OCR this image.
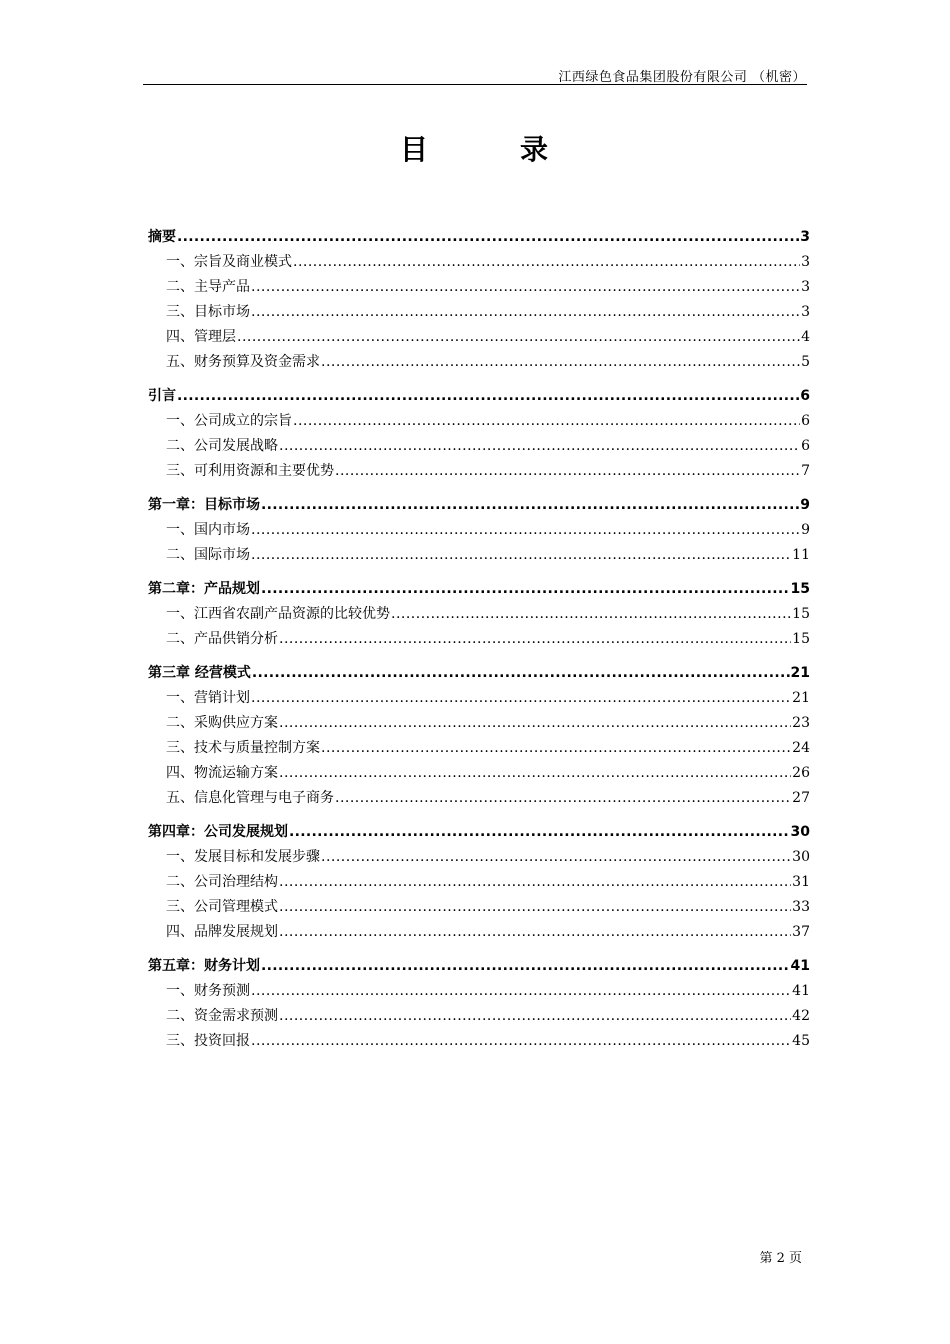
江西绿色食品集团股份有限公司 （机密）
目	录
摘要 .....	3
一、宗旨及商业模式 .....	3
二、主导产品 .....	3
三、目标市场 .....	3
四、管理层 .....	4
五、财务预算及资金需求 .....	5
引言 .....	6
一、公司成立的宗旨 .....	6
二、公司发展战略 .....	6
三、可利用资源和主要优势 .....	7
第一章：目标市场 .....	9
一、国内市场 .....	9
二、国际市场 .....	11
第二章：产品规划 .....	15
一、江西省农副产品资源的比较优势 .....	15
二、产品供销分析 .....	15
第三章 经营模式 .....	21
一、营销计划 .....	21
二、采购供应方案 .....	23
三、技术与质量控制方案 .....	24
四、物流运输方案 .....	26
五、信息化管理与电子商务 .....	27
第四章：公司发展规划 .....	30
一、发展目标和发展步骤 .....	30
二、公司治理结构 .....	31
三、公司管理模式 .....	33
四、品牌发展规划 .....	37
第五章：财务计划 .....	41
一、财务预测 .....	41
二、资金需求预测 .....	42
三、投资回报 .....	45
第 2 页
